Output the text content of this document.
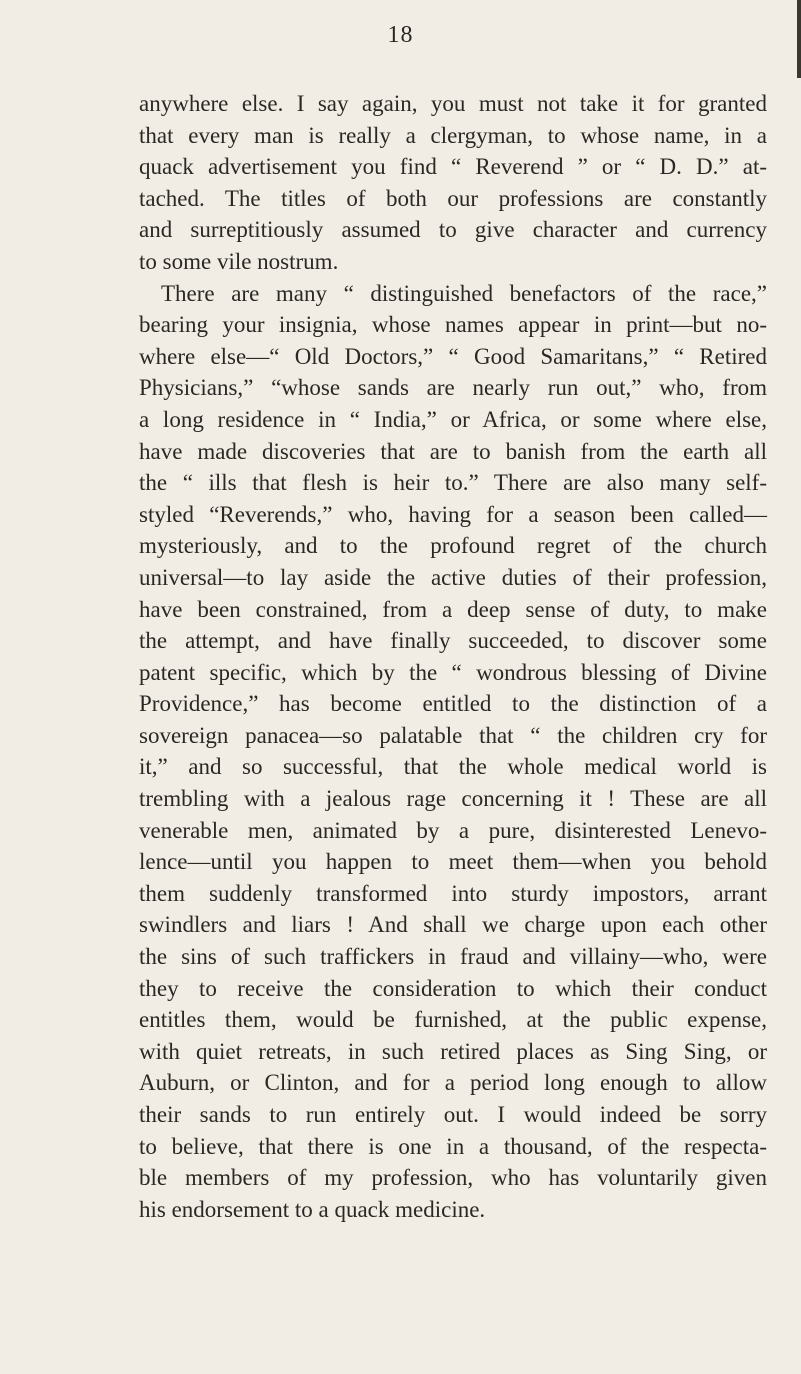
18
anywhere else. I say again, you must not take it for granted
that every man is really a clergyman, to whose name, in a
quack advertisement you find “ Reverend ” or “ D. D.” at-
tached. The titles of both our professions are constantly
and surreptitiously assumed to give character and currency
to some vile nostrum.
There are many “ distinguished benefactors of the race,”
bearing your insignia, whose names appear in print—but no-
where else—“ Old Doctors,” “ Good Samaritans,” “ Retired
Physicians,” “whose sands are nearly run out,” who, from
a long residence in “ India,” or Africa, or some where else,
have made discoveries that are to banish from the earth all
the “ ills that flesh is heir to.” There are also many self-
styled “Reverends,” who, having for a season been called—
mysteriously, and to the profound regret of the church
universal—to lay aside the active duties of their profession,
have been constrained, from a deep sense of duty, to make
the attempt, and have finally succeeded, to discover some
patent specific, which by the “ wondrous blessing of Divine
Providence,” has become entitled to the distinction of a
sovereign panacea—so palatable that “ the children cry for
it,” and so successful, that the whole medical world is
trembling with a jealous rage concerning it ! These are all
venerable men, animated by a pure, disinterested Lenevo-
lence—until you happen to meet them—when you behold
them suddenly transformed into sturdy impostors, arrant
swindlers and liars ! And shall we charge upon each other
the sins of such traffickers in fraud and villainy—who, were
they to receive the consideration to which their conduct
entitles them, would be furnished, at the public expense,
with quiet retreats, in such retired places as Sing Sing, or
Auburn, or Clinton, and for a period long enough to allow
their sands to run entirely out. I would indeed be sorry
to believe, that there is one in a thousand, of the respecta-
ble members of my profession, who has voluntarily given
his endorsement to a quack medicine.
